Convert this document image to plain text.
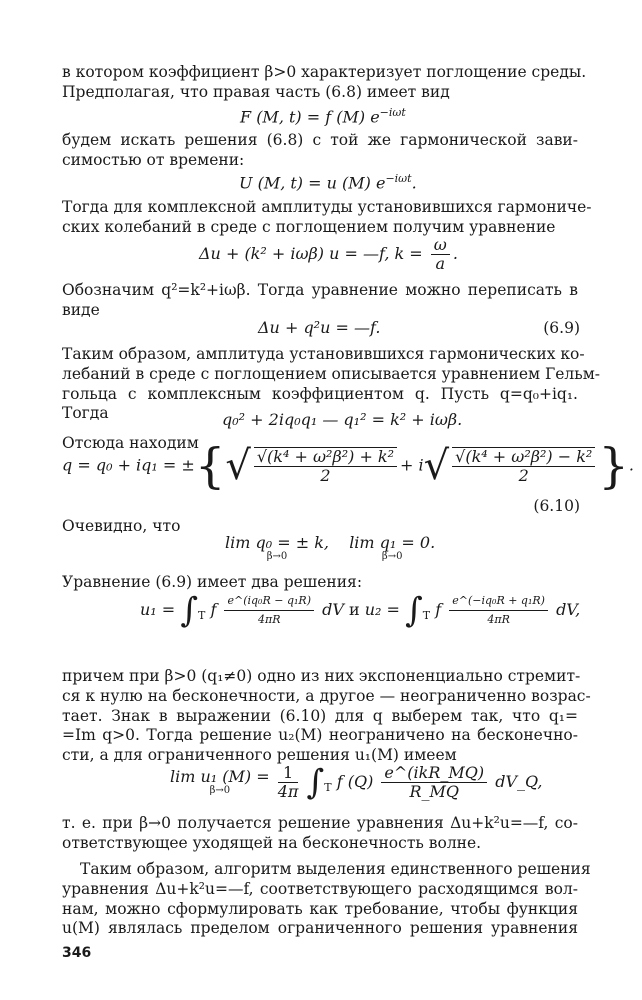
в котором коэффициент β>0 характеризует поглощение среды.
Предполагая, что правая часть (6.8) имеет вид
F (M, t) = f (M) $e^{-i\omega t}$
будем искать решения (6.8) с той же гармонической зави-
симостью от времени:
U (M, t) = u (M) $e^{-i\omega t}$.
Тогда для комплексной амплитуды установившихся гармониче-
ских колебаний в среде с поглощением получим уравнение
Δu + (k² + iωβ) u = —f, $k = \frac{\omega}{a}$ .
Обозначим q²=k²+iωβ. Тогда уравнение можно переписать в
виде
Δu + q²u = —f.	(6.9)
Таким образом, амплитуда установившихся гармонических ко-
лебаний в среде с поглощением описывается уравнением Гельм-
гольца с комплексным коэффициентом q. Пусть q=q₀+iq₁.
Тогда	q₀² + 2iq₀q₁ — q₁² = k² + iωβ.
Отсюда находим
q = q₀ + iq₁ = ±{√ $\frac{\text{√(k⁴ + ω²β²) + k²}}{2} + i√ \frac{\text{√(k⁴ + ω²β²) − k²}}{2}$ }.
(6.10)
Очевидно, что
lim q₀ = ± k,
β→0
lim q₁ = 0.
β→0
Уравнение (6.9) имеет два решения:
$u_1 = \int_T$ f $\frac{\text{e\textasciicircum{}(iq₀R − q₁R)}}{4\pi R}$ dV и $u_2 = \int_T$ f $\frac{\text{e\textasciicircum{}(−iq₀R + q₁R)}}{4\pi R}$ dV,
причем при β>0 (q₁≠0) одно из них экспоненциально стремит-
ся к нулю на бесконечности, а другое — неограниченно возрас-
тает. Знак в выражении (6.10) для q выберем так, что q₁=
=Im q>0. Тогда решение u₂(M) неограничено на бесконечно-
сти, а для ограниченного решения u₁(M) имеем
lim u₁ (M) =
β→0
	$\frac{1}{4\pi} \int_T$ f $(Q) \frac{\text{e\textasciicircum{}(ikR\_MQ)}}{R\_MQ}$ dV_Q,
т. е. при β→0 получается решение уравнения Δu+k²u=—f, со-
ответствующее уходящей на бесконечность волне.
Таким образом, алгоритм выделения единственного решения
уравнения Δu+k²u=—f, соответствующего расходящимся вол-
нам, можно сформулировать как требование, чтобы функция
u(M) являлась пределом ограниченного решения уравнения
346
